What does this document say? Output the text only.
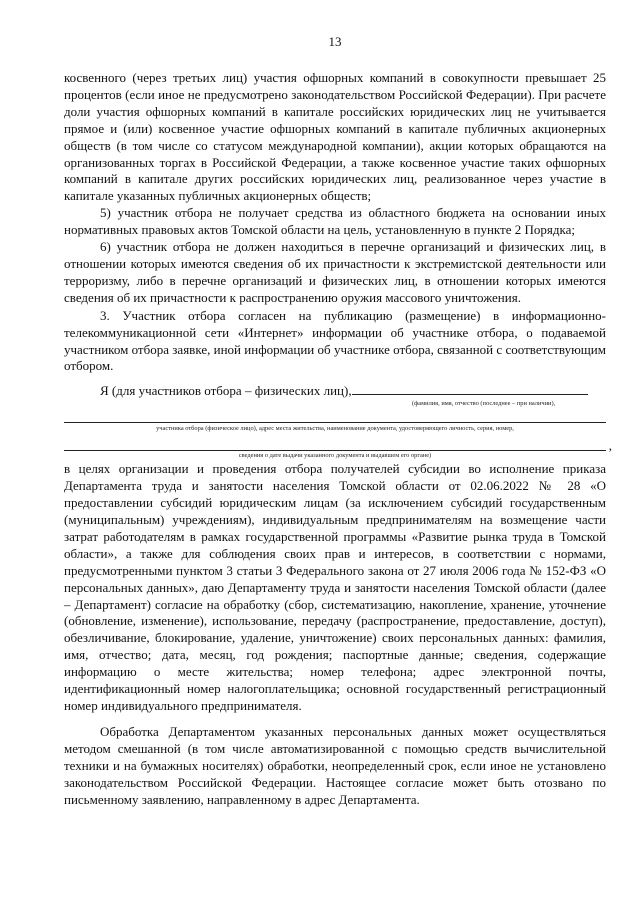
13

косвенного (через третьих лиц) участия офшорных компаний в совокупности превышает 25 процентов (если иное не предусмотрено законодательством Российской Федерации). При расчете доли участия офшорных компаний в капитале российских юридических лиц не учитывается прямое и (или) косвенное участие офшорных компаний в капитале публичных акционерных обществ (в том числе со статусом международной компании), акции которых обращаются на организованных торгах в Российской Федерации, а также косвенное участие таких офшорных компаний в капитале других российских юридических лиц, реализованное через участие в капитале указанных публичных акционерных обществ;

5) участник отбора не получает средства из областного бюджета на основании иных нормативных правовых актов Томской области на цель, установленную в пункте 2 Порядка;

6) участник отбора не должен находиться в перечне организаций и физических лиц, в отношении которых имеются сведения об их причастности к экстремистской деятельности или терроризму, либо в перечне организаций и физических лиц, в отношении которых имеются сведения об их причастности к распространению оружия массового уничтожения.

3. Участник отбора согласен на публикацию (размещение) в информационно-телекоммуникационной сети «Интернет» информации об участнике отбора, о подаваемой участником отбора заявке, иной информации об участнике отбора, связанной с соответствующим отбором.

Я (для участников отбора – физических лиц),
(фамилия, имя, отчество (последнее – при наличии),
участника отбора (физическое лицо), адрес места жительства, наименование документа, удостоверяющего личность, серия, номер,
,
сведения о дате выдачи указанного документа и выдавшем его органе)

в целях организации и проведения отбора получателей субсидии во исполнение приказа Департамента труда и занятости населения Томской области от 02.06.2022 № 28 «О предоставлении субсидий юридическим лицам (за исключением субсидий государственным (муниципальным) учреждениям), индивидуальным предпринимателям на возмещение части затрат работодателям в рамках государственной программы «Развитие рынка труда в Томской области», а также для соблюдения своих прав и интересов, в соответствии с нормами, предусмотренными пунктом 3 статьи 3 Федерального закона от 27 июля 2006 года № 152-ФЗ «О персональных данных», даю Департаменту труда и занятости населения Томской области (далее – Департамент) согласие на обработку (сбор, систематизацию, накопление, хранение, уточнение (обновление, изменение), использование, передачу (распространение, предоставление, доступ), обезличивание, блокирование, удаление, уничтожение) своих персональных данных: фамилия, имя, отчество; дата, месяц, год рождения; паспортные данные; сведения, содержащие информацию о месте жительства; номер телефона; адрес электронной почты, идентификационный номер налогоплательщика; основной государственный регистрационный номер индивидуального предпринимателя.

Обработка Департаментом указанных персональных данных может осуществляться методом смешанной (в том числе автоматизированной с помощью средств вычислительной техники и на бумажных носителях) обработки, неопределенный срок, если иное не установлено законодательством Российской Федерации. Настоящее согласие может быть отозвано по письменному заявлению, направленному в адрес Департамента.
